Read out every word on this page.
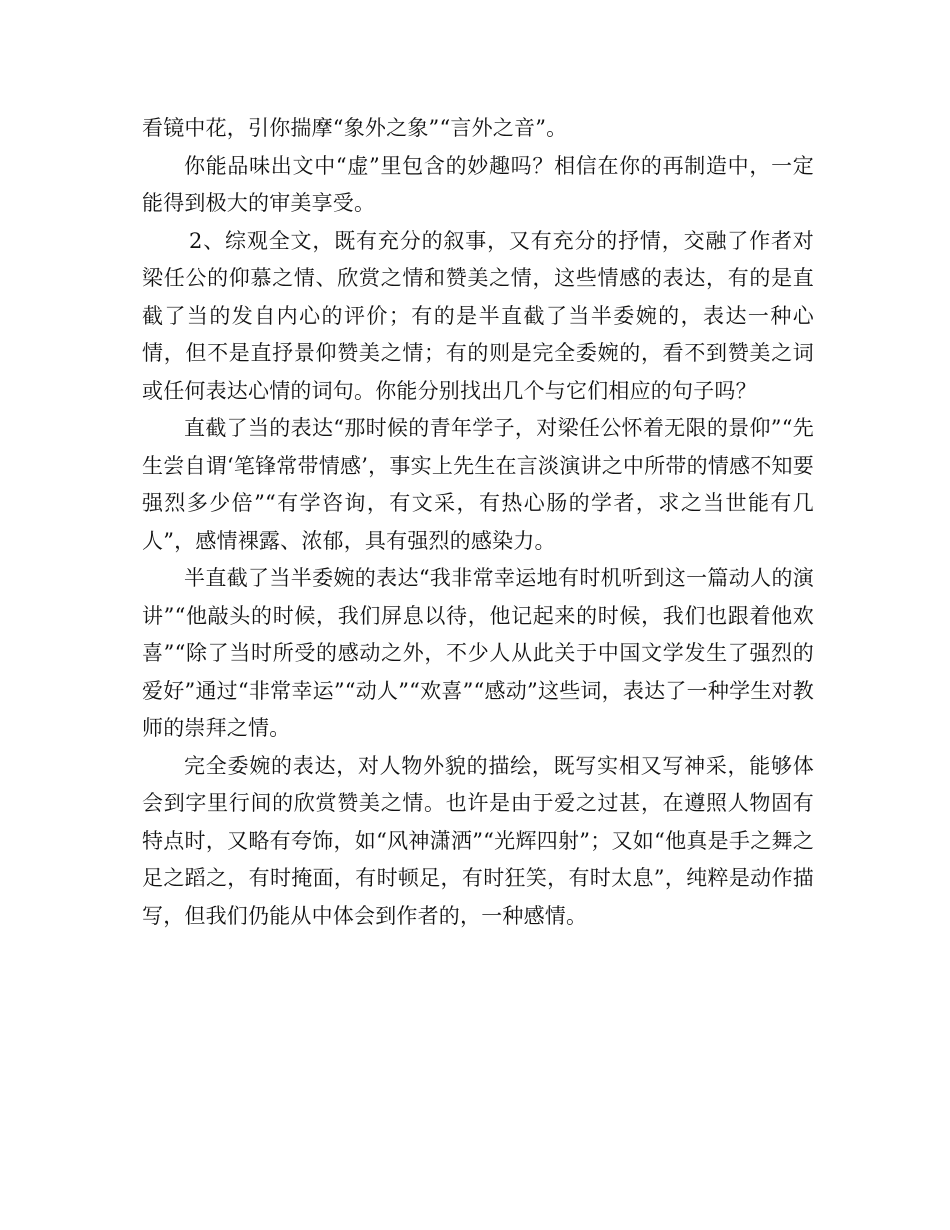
看镜中花，引你揣摩“象外之象”“言外之音”。

你能品味出文中“虚”里包含的妙趣吗？相信在你的再制造中，一定能得到极大的审美享受。

2、综观全文，既有充分的叙事，又有充分的抒情，交融了作者对梁任公的仰慕之情、欣赏之情和赞美之情，这些情感的表达，有的是直截了当的发自内心的评价；有的是半直截了当半委婉的，表达一种心情，但不是直抒景仰赞美之情；有的则是完全委婉的，看不到赞美之词或任何表达心情的词句。你能分别找出几个与它们相应的句子吗？

直截了当的表达“那时候的青年学子，对梁任公怀着无限的景仰”“先生尝自谓‘笔锋常带情感’，事实上先生在言淡演讲之中所带的情感不知要强烈多少倍”“有学咨询，有文采，有热心肠的学者，求之当世能有几人”，感情裸露、浓郁，具有强烈的感染力。

半直截了当半委婉的表达“我非常幸运地有时机听到这一篇动人的演讲”“他敲头的时候，我们屏息以待，他记起来的时候，我们也跟着他欢喜”“除了当时所受的感动之外，不少人从此关于中国文学发生了强烈的爱好”通过“非常幸运”“动人”“欢喜”“感动”这些词，表达了一种学生对教师的崇拜之情。

完全委婉的表达，对人物外貌的描绘，既写实相又写神采，能够体会到字里行间的欣赏赞美之情。也许是由于爱之过甚，在遵照人物固有特点时，又略有夸饰，如“风神潇洒”“光辉四射”；又如“他真是手之舞之足之蹈之，有时掩面，有时顿足，有时狂笑，有时太息”，纯粹是动作描写，但我们仍能从中体会到作者的，一种感情。
